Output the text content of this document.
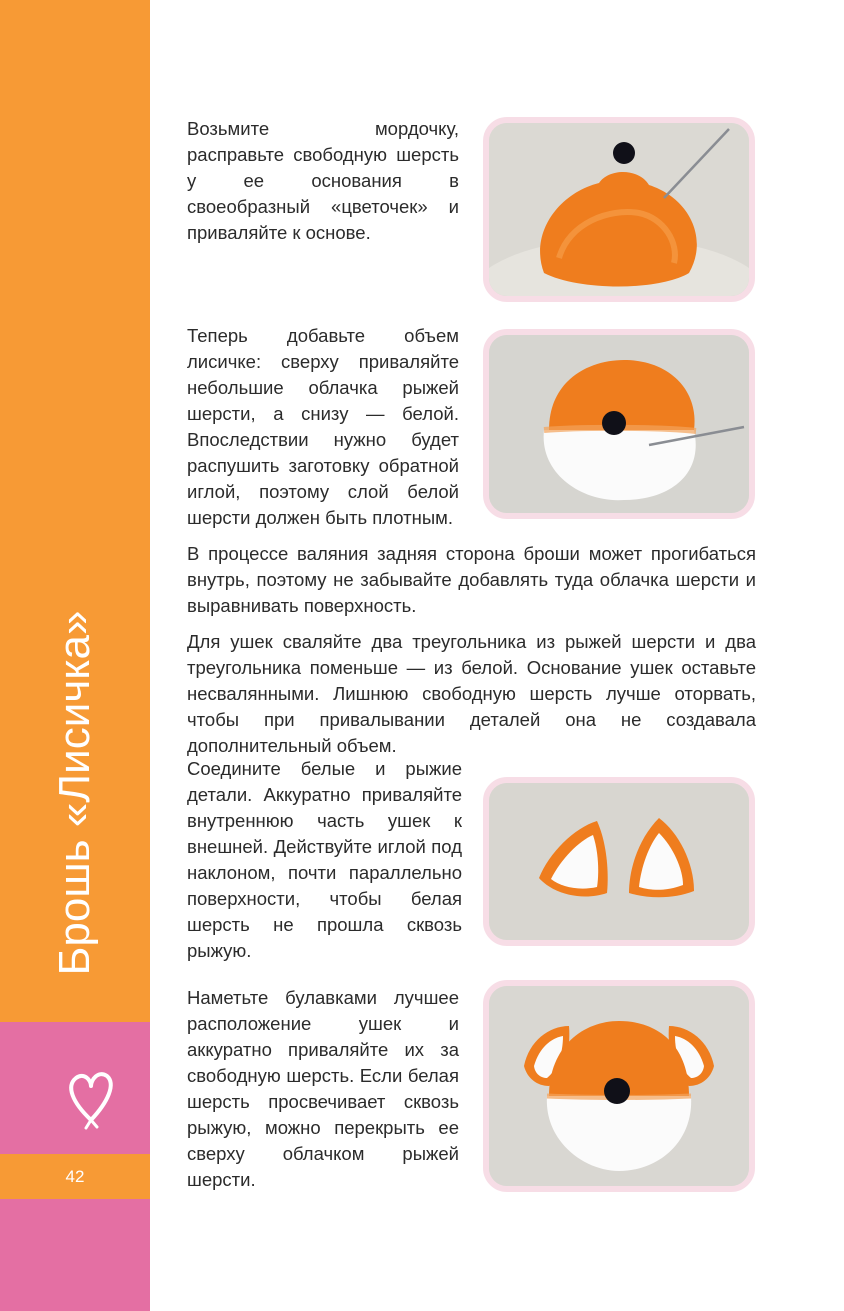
Брошь «Лисичка»
42

Возьмите мордочку, расправьте свободную шерсть у ее основания в своеобразный «цветочек» и приваляйте к основе.

Теперь добавьте объем лисичке: сверху приваляйте небольшие облачка рыжей шерсти, а снизу — белой. Впоследствии нужно будет распушить заготовку обратной иглой, поэтому слой белой шерсти должен быть плотным.

В процессе валяния задняя сторона броши может прогибаться внутрь, поэтому не забывайте добавлять туда облачка шерсти и выравнивать поверхность.

Для ушек сваляйте два треугольника из рыжей шерсти и два треугольника поменьше — из белой. Основание ушек оставьте несвалянными. Лишнюю свободную шерсть лучше оторвать, чтобы при привалывании деталей она не создавала дополнительный объем.

Соедините белые и рыжие детали. Аккуратно приваляйте внутреннюю часть ушек к внешней. Действуйте иглой под наклоном, почти параллельно поверхности, чтобы белая шерсть не прошла сквозь рыжую.

Наметьте булавками лучшее расположение ушек и аккуратно приваляйте их за свободную шерсть. Если белая шерсть просвечивает сквозь рыжую, можно перекрыть ее сверху облачком рыжей шерсти.
